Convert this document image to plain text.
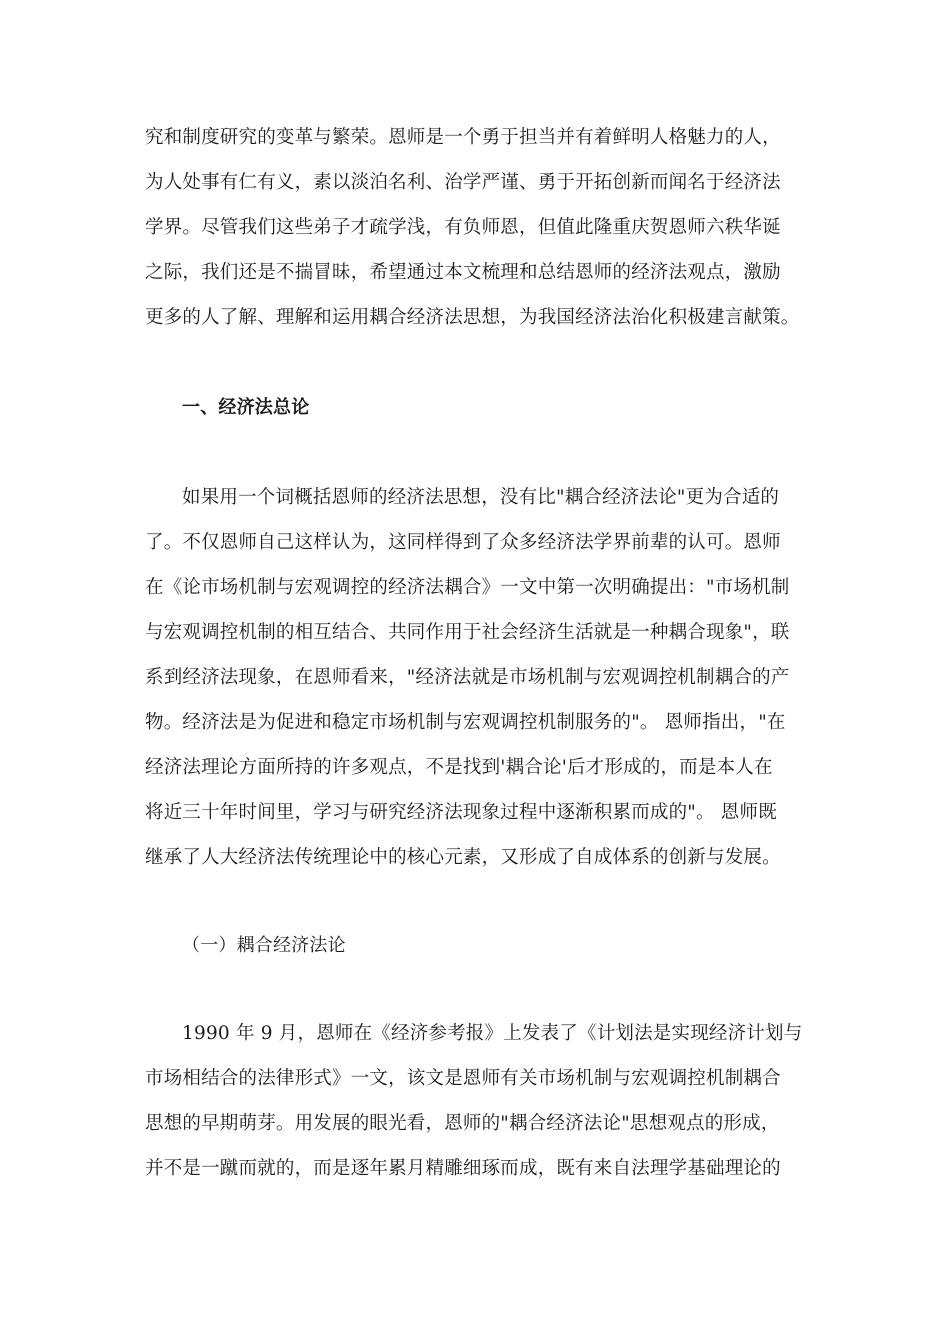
究和制度研究的变革与繁荣。恩师是一个勇于担当并有着鲜明人格魅力的人，
为人处事有仁有义，素以淡泊名利、治学严谨、勇于开拓创新而闻名于经济法
学界。尽管我们这些弟子才疏学浅，有负师恩，但值此隆重庆贺恩师六秩华诞
之际，我们还是不揣冒昧，希望通过本文梳理和总结恩师的经济法观点，激励
更多的人了解、理解和运用耦合经济法思想，为我国经济法治化积极建言献策。
一、经济法总论
如果用一个词概括恩师的经济法思想，没有比"耦合经济法论"更为合适的
了。不仅恩师自己这样认为，这同样得到了众多经济法学界前辈的认可。恩师
在《论市场机制与宏观调控的经济法耦合》一文中第一次明确提出："市场机制
与宏观调控机制的相互结合、共同作用于社会经济生活就是一种耦合现象"，联
系到经济法现象，在恩师看来，"经济法就是市场机制与宏观调控机制耦合的产
物。经济法是为促进和稳定市场机制与宏观调控机制服务的"。 恩师指出，"在
经济法理论方面所持的许多观点，不是找到'耦合论'后才形成的，而是本人在
将近三十年时间里，学习与研究经济法现象过程中逐渐积累而成的"。 恩师既
继承了人大经济法传统理论中的核心元素，又形成了自成体系的创新与发展。
（一）耦合经济法论
1990 年 9 月，恩师在《经济参考报》上发表了《计划法是实现经济计划与
市场相结合的法律形式》一文，该文是恩师有关市场机制与宏观调控机制耦合
思想的早期萌芽。用发展的眼光看，恩师的"耦合经济法论"思想观点的形成，
并不是一蹴而就的，而是逐年累月精雕细琢而成，既有来自法理学基础理论的
